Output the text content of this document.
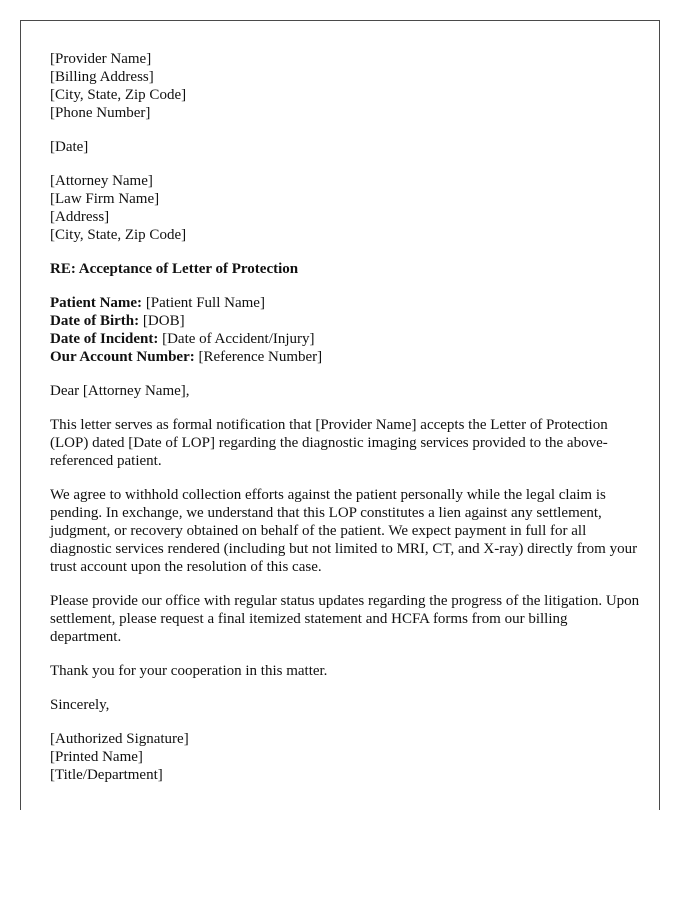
[Provider Name]
[Billing Address]
[City, State, Zip Code]
[Phone Number]
[Date]
[Attorney Name]
[Law Firm Name]
[Address]
[City, State, Zip Code]
RE: Acceptance of Letter of Protection
Patient Name: [Patient Full Name]
Date of Birth: [DOB]
Date of Incident: [Date of Accident/Injury]
Our Account Number: [Reference Number]
Dear [Attorney Name],

This letter serves as formal notification that [Provider Name] accepts the Letter of Protection (LOP) dated [Date of LOP] regarding the diagnostic imaging services provided to the above-referenced patient.

We agree to withhold collection efforts against the patient personally while the legal claim is pending. In exchange, we understand that this LOP constitutes a lien against any settlement, judgment, or recovery obtained on behalf of the patient. We expect payment in full for all diagnostic services rendered (including but not limited to MRI, CT, and X-ray) directly from your trust account upon the resolution of this case.

Please provide our office with regular status updates regarding the progress of the litigation. Upon settlement, please request a final itemized statement and HCFA forms from our billing department.

Thank you for your cooperation in this matter.

Sincerely,
[Authorized Signature]
[Printed Name]
[Title/Department]
